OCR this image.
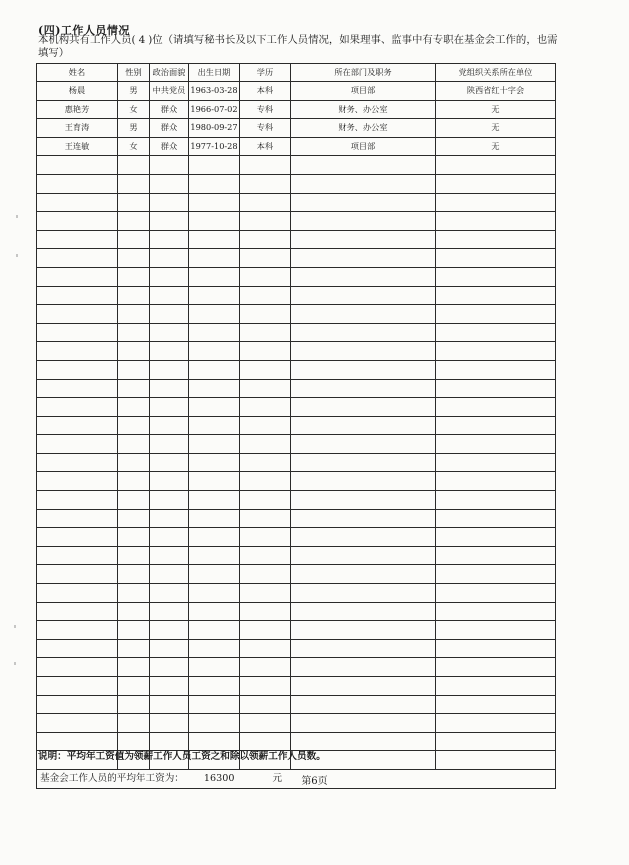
(四)工作人员情况
本机构共有工作人员( 4 )位（请填写秘书长及以下工作人员情况，如果理事、监事中有专职在基金会工作的，也需填写）
姓名	性别	政治面貌	出生日期	学历	所在部门及职务	党组织关系所在单位
杨晨	男	中共党员	1963-03-28	本科	项目部	陕西省红十字会
惠艳芳	女	群众	1966-07-02	专科	财务、办公室	无
王育涛	男	群众	1980-09-27	专科	财务、办公室	无
王连敏	女	群众	1977-10-28	本科	项目部	无

基金会工作人员的平均年工资为： 16300 元						
说明：平均年工资值为领薪工作人员工资之和除以领薪工作人员数。
第6页
